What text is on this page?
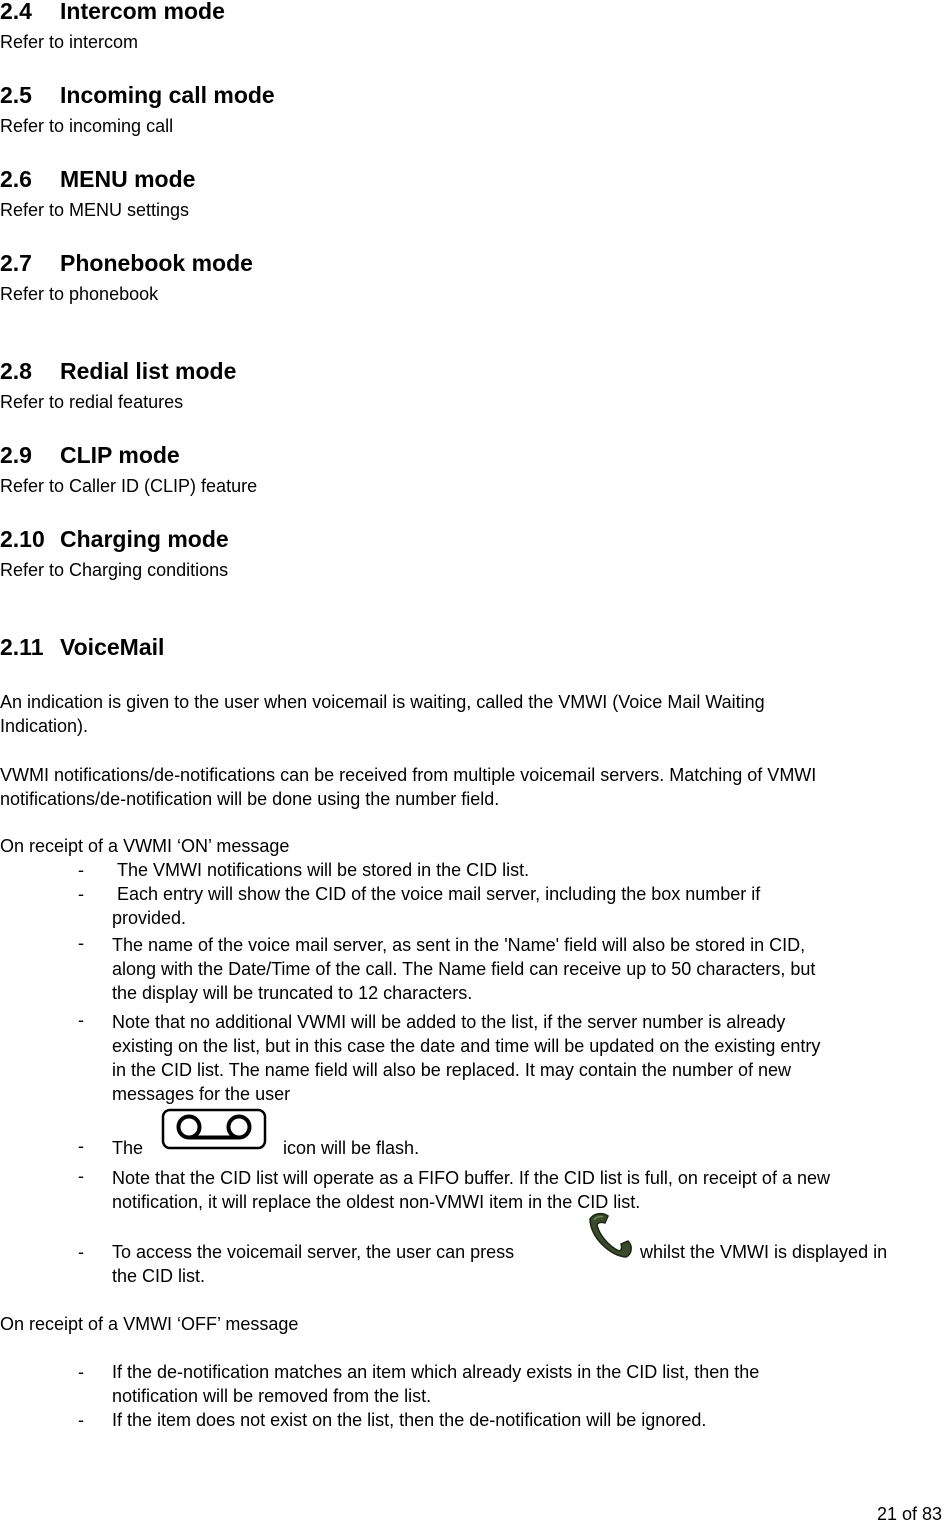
2.4 Intercom mode
Refer to intercom
2.5 Incoming call mode
Refer to incoming call
2.6 MENU mode
Refer to MENU settings
2.7 Phonebook mode
Refer to phonebook
2.8 Redial list mode
Refer to redial features
2.9 CLIP mode
Refer to Caller ID (CLIP) feature
2.10 Charging mode
Refer to Charging conditions
2.11 VoiceMail
An indication is given to the user when voicemail is waiting, called the VMWI (Voice Mail Waiting
Indication).
VWMI notifications/de-notifications can be received from multiple voicemail servers. Matching of VMWI
notifications/de-notification will be done using the number field.
On receipt of a VWMI ‘ON’ message
- The VMWI notifications will be stored in the CID list.
- Each entry will show the CID of the voice mail server, including the box number if
provided.
- The name of the voice mail server, as sent in the 'Name' field will also be stored in CID,
along with the Date/Time of the call. The Name field can receive up to 50 characters, but
the display will be truncated to 12 characters.
- Note that no additional VWMI will be added to the list, if the server number is already
existing on the list, but in this case the date and time will be updated on the existing entry
in the CID list. The name field will also be replaced. It may contain the number of new
messages for the user
- The	icon will be flash.
- Note that the CID list will operate as a FIFO buffer. If the CID list is full, on receipt of a new
notification, it will replace the oldest non-VMWI item in the CID list.
- To access the voicemail server, the user can press	whilst the VMWI is displayed in
the CID list.
On receipt of a VMWI ‘OFF’ message
- If the de-notification matches an item which already exists in the CID list, then the
notification will be removed from the list.
- If the item does not exist on the list, then the de-notification will be ignored.
21 of 83
